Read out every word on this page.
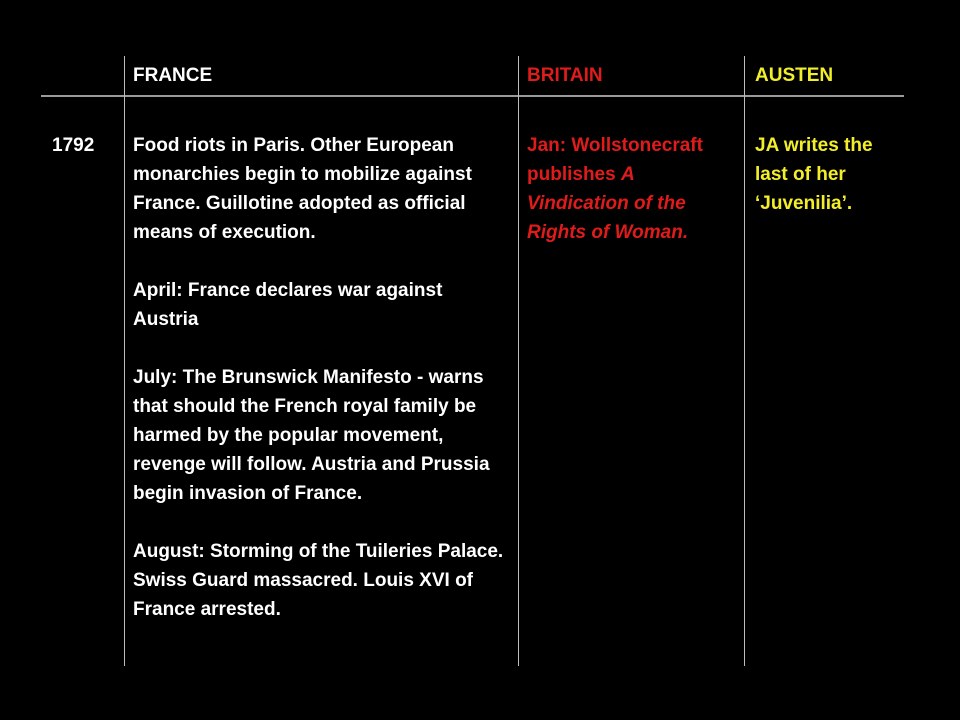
FRANCE	BRITAIN	AUSTEN
1792 Food riots in Paris. Other European monarchies begin to mobilize against France. Guillotine adopted as official means of execution.

April: France declares war against Austria

July: The Brunswick Manifesto - warns that should the French royal family be harmed by the popular movement, revenge will follow. Austria and Prussia begin invasion of France.

August: Storming of the Tuileries Palace. Swiss Guard massacred. Louis XVI of France arrested.

Jan: Wollstonecraft publishes A Vindication of the Rights of Woman.
JA writes the last of her ‘Juvenilia’.
